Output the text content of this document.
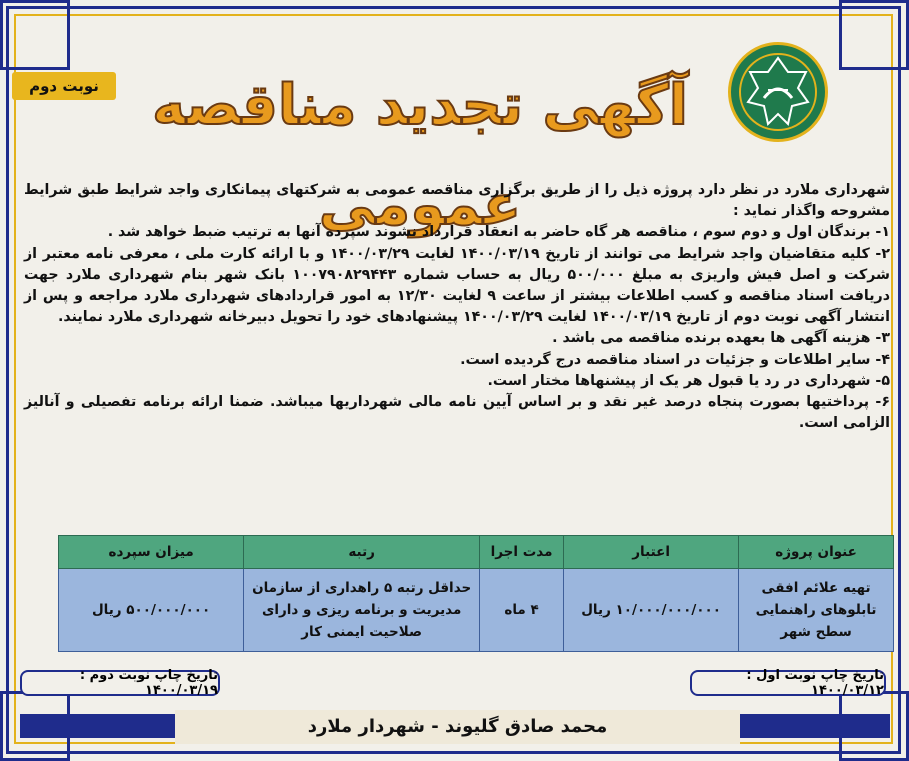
نوبت دوم آگهی تجدید مناقصه عمومی

شهرداری ملارد در نظر دارد پروژه ذیل را از طریق برگزاری مناقصه عمومی به شرکتهای پیمانکاری واجد شرایط طبق شرایط مشروحه واگذار نماید :

۱- برندگان اول و دوم سوم ، مناقصه هر گاه حاضر به انعقاد قرارداد نشوند سپرده آنها به ترتیب ضبط خواهد شد .

۲- کلیه متقاضیان واجد شرایط می توانند از تاریخ ۱۴۰۰/۰۳/۱۹ لغایت ۱۴۰۰/۰۳/۲۹ و با ارائه کارت ملی ، معرفی نامه معتبر از شرکت و اصل فیش واریزی به مبلغ ۵۰۰/۰۰۰ ریال به حساب شماره ۱۰۰۷۹۰۸۲۹۴۴۳ بانک شهر بنام شهرداری ملارد جهت دریافت اسناد مناقصه و کسب اطلاعات بیشتر از ساعت ۹ لغایت ۱۲/۳۰ به امور قراردادهای شهرداری ملارد مراجعه و پس از انتشار آگهی نوبت دوم از تاریخ ۱۴۰۰/۰۳/۱۹ لغایت ۱۴۰۰/۰۳/۲۹ پیشنهادهای خود را تحویل دبیرخانه شهرداری ملارد نمایند.

۳- هزینه آگهی ها بعهده برنده مناقصه می باشد .

۴- سایر اطلاعات و جزئیات در اسناد مناقصه درج گردیده است.

۵- شهرداری در رد یا قبول هر یک از پیشنهاها مختار است.

۶- پرداختیها بصورت پنجاه درصد غیر نقد و بر اساس آیین نامه مالی شهرداریها میباشد. ضمنا ارائه برنامه تفصیلی و آنالیز الزامی است.

عنوان پروژه	اعتبار	مدت اجرا	رتبه	میزان سپرده
تهیه علائم افقی تابلوهای راهنمایی سطح شهر	۱۰/۰۰۰/۰۰۰/۰۰۰ ریال	۴ ماه	حداقل رتبه ۵ راهداری از سازمان مدیریت و برنامه ریزی و دارای صلاحیت ایمنی کار	۵۰۰/۰۰۰/۰۰۰ ریال
تاریخ چاپ نوبت اول : ۱۴۰۰/۰۳/۱۲
تاریخ چاپ نوبت دوم : ۱۴۰۰/۰۳/۱۹
محمد صادق گلیوند - شهردار ملارد
